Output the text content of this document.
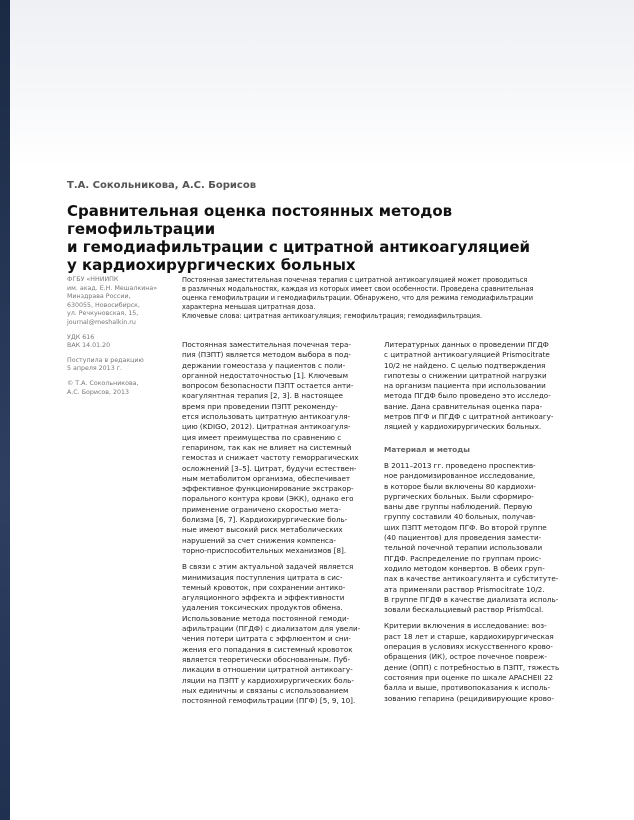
Т.А. Сокольникова, А.С. Борисов
Сравнительная оценка постоянных методов гемофильтрации
и гемодиафильтрации с цитратной антикоагуляцией
у кардиохирургических больных

ФГБУ «ННИИПК
им. акад. Е.Н. Мешалкина»
Минздрава России,
630055, Новосибирск,
ул. Речкуновская, 15,
journal@meshalkin.ru

УДК 616
ВАК 14.01.20

Поступила в редакцию
5 апреля 2013 г.

© Т.А. Сокольникова,
А.С. Борисов, 2013

Постоянная заместительная почечная терапия с цитратной антикоагуляцией может проводиться

в различных модальностях, каждая из которых имеет свои особенности. Проведена сравнительная

оценка гемофильтрации и гемодиафильтрации. Обнаружено, что для режима гемодиафильтрации

характерна меньшая цитратная доза.

Ключевые слова: цитратная антикоагуляция; гемофильтрация; гемодиафильтрация.

Постоянная заместительная почечная тера-
пия (ПЗПТ) является методом выбора в под-
держании гомеостаза у пациентов с поли-
органной недостаточностью [1]. Ключевым
вопросом безопасности ПЗПТ остается анти-
коагулянтная терапия [2, 3]. В настоящее
время при проведении ПЗПТ рекоменду-
ется использовать цитратную антикоагуля-
цию (KDIGO, 2012). Цитратная антикоагуля-
ция имеет преимущества по сравнению с
гепарином, так как не влияет на системный
гемостаз и снижает частоту геморрагических
осложнений [3–5]. Цитрат, будучи естествен-
ным метаболитом организма, обеспечивает
эффективное функционирование экстракор-
порального контура крови (ЭКК), однако его
применение ограничено скоростью мета-
болизма [6, 7]. Кардиохирургические боль-
ные имеют высокий риск метаболических
нарушений за счет снижения компенса-
торно-приспособительных механизмов [8].

В связи с этим актуальной задачей является
минимизация поступления цитрата в сис-
темный кровоток, при сохранении антико-
агуляционного эффекта и эффективности
удаления токсических продуктов обмена.
Использование метода постоянной гемоди-
афильтрации (ПГДФ) с диализатом для увели-
чения потери цитрата с эффлюентом и сни-
жения его попадания в системный кровоток
является теоретически обоснованным. Пуб-
ликации в отношении цитратной антикоагу-
ляции на ПЗПТ у кардиохирургических боль-
ных единичны и связаны с использованием
постоянной гемофильтрации (ПГФ) [5, 9, 10].

Литературных данных о проведении ПГДФ
с цитратной антикоагуляцией Prismocitrate
10/2 не найдено. С целью подтверждения
гипотезы о снижении цитратной нагрузки
на организм пациента при использовании
метода ПГДФ было проведено это исследо-
вание. Дана сравнительная оценка пара-
метров ПГФ и ПГДФ с цитратной антикоагу-
ляцией у кардиохирургических больных.

Материал и методы

В 2011–2013 гг. проведено проспектив-
ное рандомизированное исследование,
в которое были включены 80 кардиохи-
рургических больных. Были сформиро-
ваны две группы наблюдений. Первую
группу составили 40 больных, получав-
ших ПЗПТ методом ПГФ. Во второй группе
(40 пациентов) для проведения замести-
тельной почечной терапии использовали
ПГДФ. Распределение по группам проис-
ходило методом конвертов. В обеих груп-
пах в качестве антикоагулянта и субституте-
ата применяли раствор Prismocitrate 10/2.
В группе ПГДФ в качестве диализата исполь-
зовали бескальциевый раствор Prism0cal.

Критерии включения в исследование: воз-
раст 18 лет и старше, кардиохирургическая
операция в условиях искусственного крово-
обращения (ИК), острое почечное повреж-
дение (ОПП) с потребностью в ПЗПТ, тяжесть
состояния при оценке по шкале APACHEII 22
балла и выше, противопоказания к исполь-
зованию гепарина (рецидивирующие крово-
